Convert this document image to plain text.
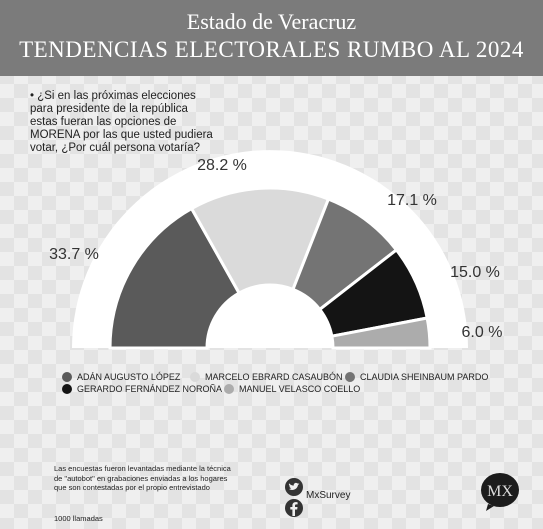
Estado de Veracruz
TENDENCIAS ELECTORALES RUMBO AL 2024
• ¿Si en las próximas elecciones
para presidente de la república
estas fueran las opciones de
MORENA por las que usted pudiera
votar, ¿Por cuál persona votaría?
33.7 %
28.2 %
17.1 %
15.0 %
6.0 %
ADÁN AUGUSTO LÓPEZ	MARCELO EBRARD CASAUBÓN CLAUDIA SHEINBAUM PARDO
GERARDO FERNÁNDEZ NOROÑA MANUEL VELASCO COELLO
Las encuestas fueron levantadas mediante la técnica de "autobot" en grabaciones enviadas a los hogares que son contestadas por el propio entrevistado
1000 llamadas
MxSurvey	MX
